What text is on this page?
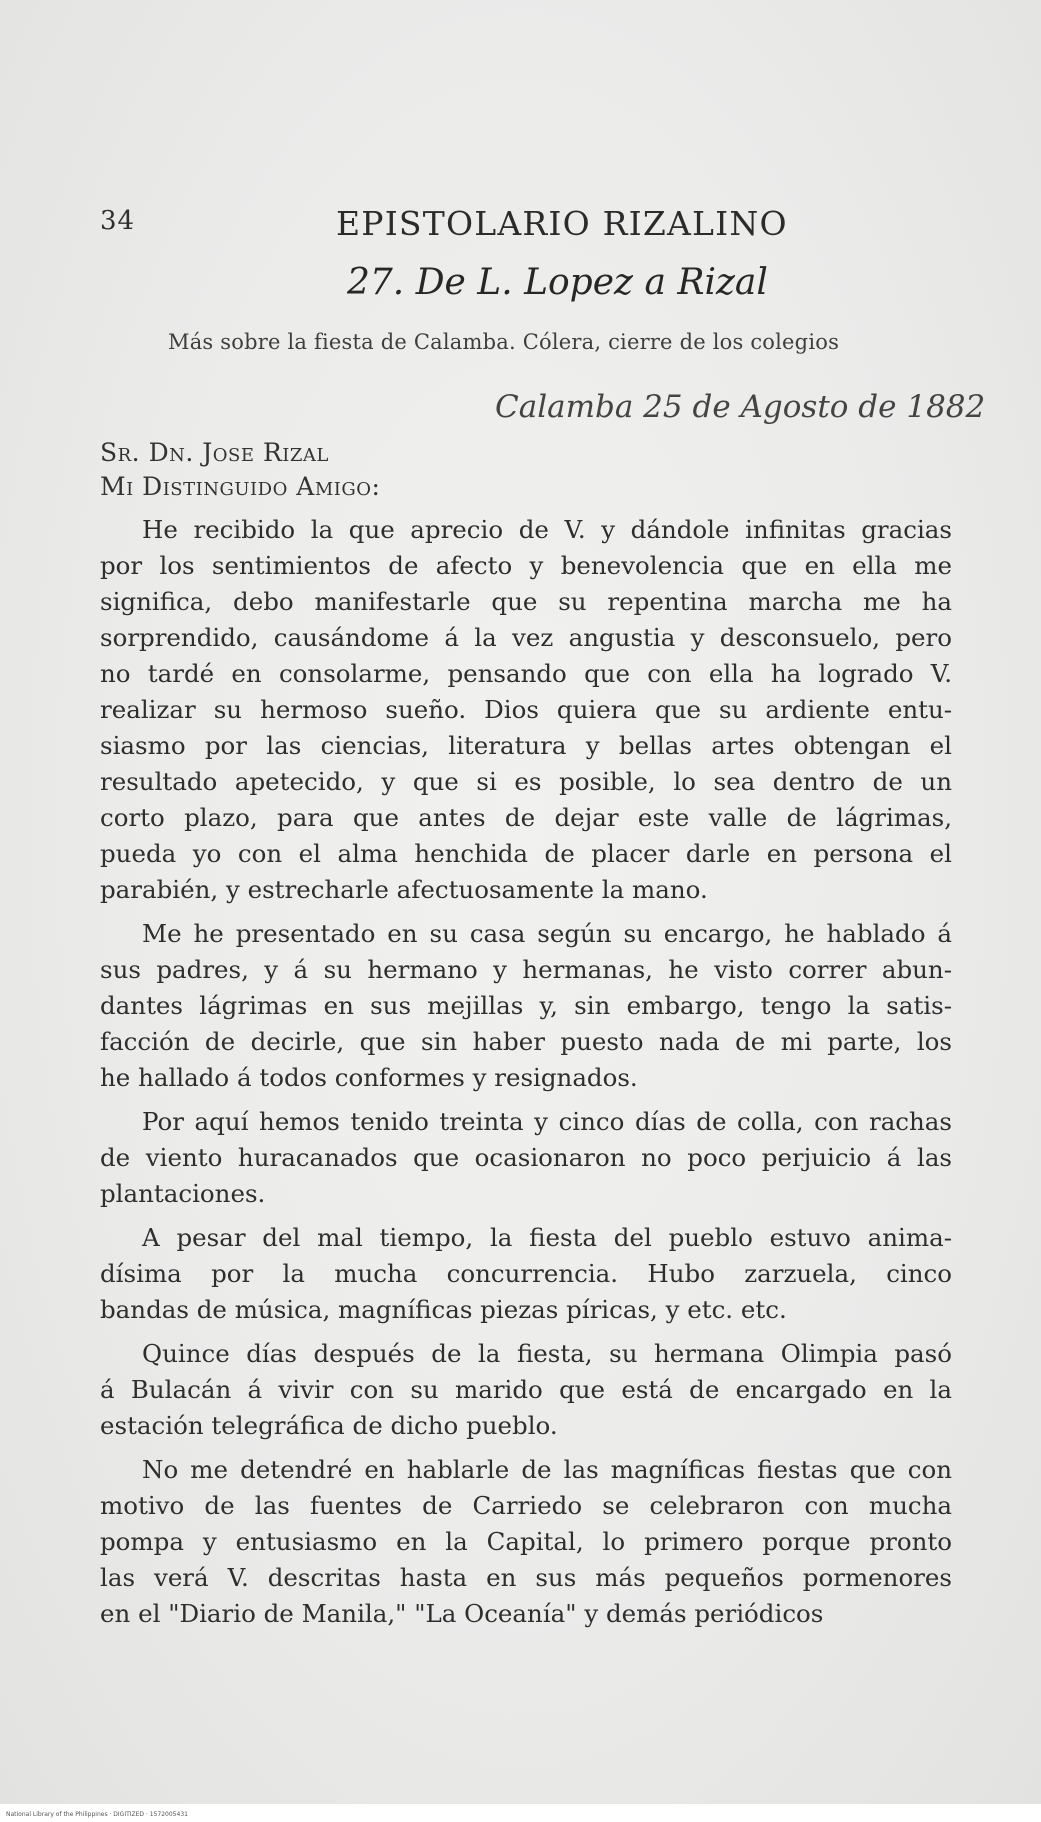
34	EPISTOLARIO RIZALINO
27. De L. Lopez a Rizal
Más sobre la fiesta de Calamba. Cólera, cierre de los colegios
Calamba 25 de Agosto de 1882
Sr. Dn. Jose Rizal
Mi Distinguido Amigo:
He recibido la que aprecio de V. y dándole infinitas gracias
por los sentimientos de afecto y benevolencia que en ella me
significa, debo manifestarle que su repentina marcha me ha
sorprendido, causándome á la vez angustia y desconsuelo, pero
no tardé en consolarme, pensando que con ella ha logrado V.
realizar su hermoso sueño. Dios quiera que su ardiente entu-
siasmo por las ciencias, literatura y bellas artes obtengan el
resultado apetecido, y que si es posible, lo sea dentro de un
corto plazo, para que antes de dejar este valle de lágrimas,
pueda yo con el alma henchida de placer darle en persona el
parabién, y estrecharle afectuosamente la mano.
Me he presentado en su casa según su encargo, he hablado á
sus padres, y á su hermano y hermanas, he visto correr abun-
dantes lágrimas en sus mejillas y, sin embargo, tengo la satis-
facción de decirle, que sin haber puesto nada de mi parte, los
he hallado á todos conformes y resignados.
Por aquí hemos tenido treinta y cinco días de colla, con rachas
de viento huracanados que ocasionaron no poco perjuicio á las
plantaciones.
A pesar del mal tiempo, la fiesta del pueblo estuvo anima-
dísima por la mucha concurrencia. Hubo zarzuela, cinco
bandas de música, magníficas piezas píricas, y etc. etc.
Quince días después de la fiesta, su hermana Olimpia pasó
á Bulacán á vivir con su marido que está de encargado en la
estación telegráfica de dicho pueblo.
No me detendré en hablarle de las magníficas fiestas que con
motivo de las fuentes de Carriedo se celebraron con mucha
pompa y entusiasmo en la Capital, lo primero porque pronto
las verá V. descritas hasta en sus más pequeños pormenores
en el "Diario de Manila," "La Oceanía" y demás periódicos
National Library of the Philippines · DIGITIZED · 1572005431
